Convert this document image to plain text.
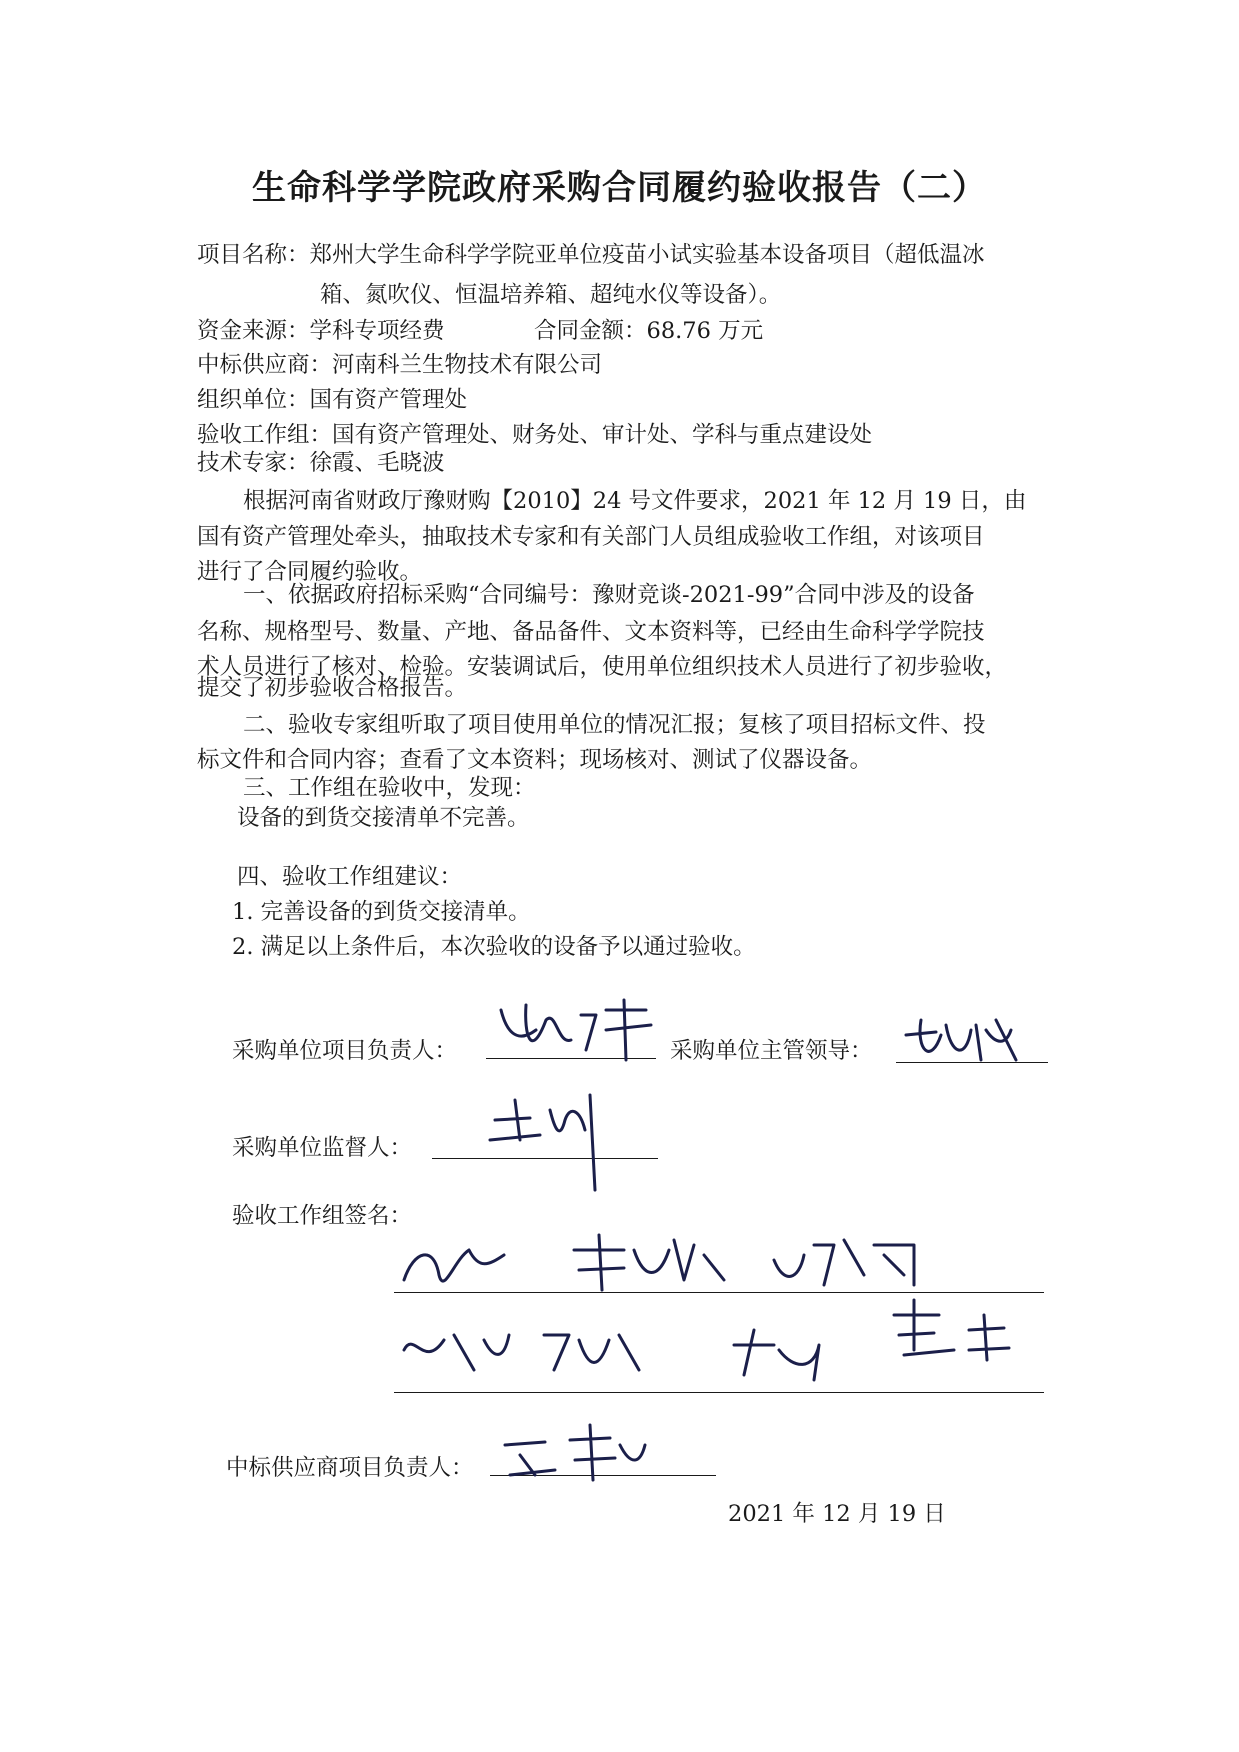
生命科学学院政府采购合同履约验收报告（二）
项目名称：郑州大学生命科学学院亚单位疫苗小试实验基本设备项目（超低温冰
箱、氮吹仪、恒温培养箱、超纯水仪等设备）。
资金来源：学科专项经费	合同金额：68.76 万元
中标供应商：河南科兰生物技术有限公司
组织单位：国有资产管理处
验收工作组：国有资产管理处、财务处、审计处、学科与重点建设处
技术专家：徐霞、毛晓波
根据河南省财政厅豫财购【2010】24 号文件要求，2021 年 12 月 19 日，由
国有资产管理处牵头，抽取技术专家和有关部门人员组成验收工作组，对该项目
进行了合同履约验收。
一、依据政府招标采购“合同编号：豫财竞谈-2021-99”合同中涉及的设备
名称、规格型号、数量、产地、备品备件、文本资料等，已经由生命科学学院技
术人员进行了核对、检验。安装调试后，使用单位组织技术人员进行了初步验收，
提交了初步验收合格报告。
二、验收专家组听取了项目使用单位的情况汇报；复核了项目招标文件、投
标文件和合同内容；查看了文本资料；现场核对、测试了仪器设备。
三、工作组在验收中，发现：
设备的到货交接清单不完善。
四、验收工作组建议：
1. 完善设备的到货交接清单。
2. 满足以上条件后，本次验收的设备予以通过验收。
采购单位项目负责人：	采购单位主管领导：
采购单位监督人：
验收工作组签名：
中标供应商项目负责人：
2021 年 12 月 19 日
